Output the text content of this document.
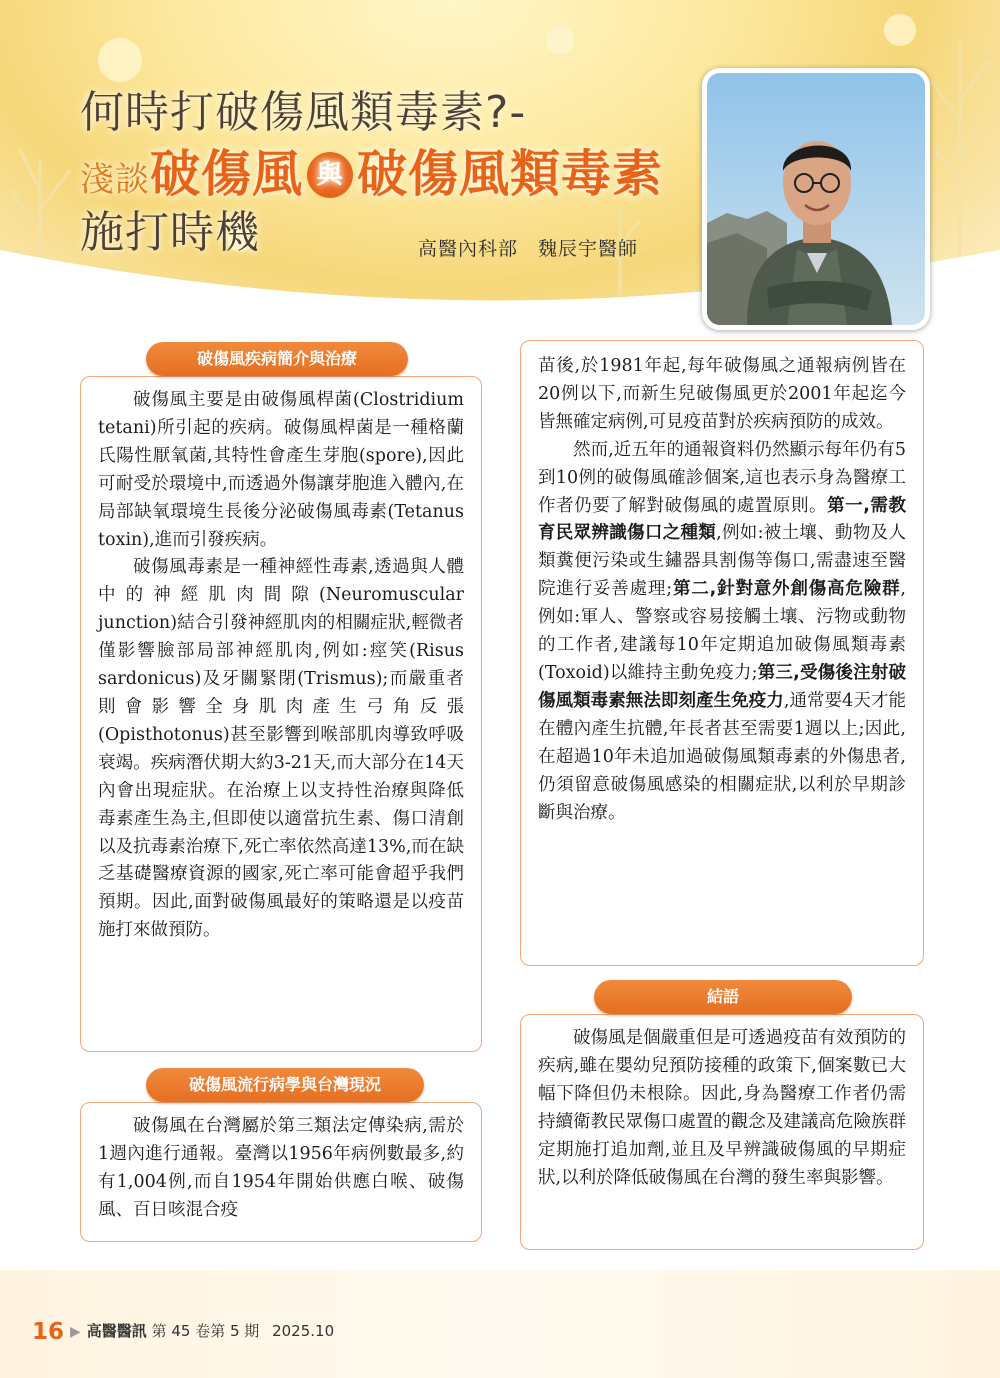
何時打破傷風類毒素?-
淺談破傷風 與 破傷風類毒素
施打時機	高醫內科部　魏辰宇醫師
破傷風疾病簡介與治療

破傷風主要是由破傷風桿菌(Clostridium tetani)所引起的疾病。破傷風桿菌是一種格蘭氏陽性厭氧菌,其特性會產生芽胞(spore),因此可耐受於環境中,而透過外傷讓芽胞進入體內,在局部缺氧環境生長後分泌破傷風毒素(Tetanus toxin),進而引發疾病。

破傷風毒素是一種神經性毒素,透過與人體中的神經肌肉間隙(Neuromuscular junction)結合引發神經肌肉的相關症狀,輕微者僅影響臉部局部神經肌肉,例如:痙笑(Risus sardonicus)及牙關緊閉(Trismus);而嚴重者則會影響全身肌肉產生弓角反張(Opisthotonus)甚至影響到喉部肌肉導致呼吸衰竭。疾病潛伏期大約3-21天,而大部分在14天內會出現症狀。在治療上以支持性治療與降低毒素產生為主,但即使以適當抗生素、傷口清創以及抗毒素治療下,死亡率依然高達13%,而在缺乏基礎醫療資源的國家,死亡率可能會超乎我們預期。因此,面對破傷風最好的策略還是以疫苗施打來做預防。

破傷風流行病學與台灣現況

破傷風在台灣屬於第三類法定傳染病,需於1週內進行通報。臺灣以1956年病例數最多,約有1,004例,而自1954年開始供應白喉、破傷風、百日咳混合疫

苗後,於1981年起,每年破傷風之通報病例皆在20例以下,而新生兒破傷風更於2001年起迄今皆無確定病例,可見疫苗對於疾病預防的成效。

然而,近五年的通報資料仍然顯示每年仍有5到10例的破傷風確診個案,這也表示身為醫療工作者仍要了解對破傷風的處置原則。第一,需教育民眾辨識傷口之種類,例如:被土壤、動物及人類糞便污染或生鏽器具割傷等傷口,需盡速至醫院進行妥善處理;第二,針對意外創傷高危險群,例如:軍人、警察或容易接觸土壤、污物或動物的工作者,建議每10年定期追加破傷風類毒素(Toxoid)以維持主動免疫力;第三,受傷後注射破傷風類毒素無法即刻產生免疫力,通常要4天才能在體內產生抗體,年長者甚至需要1週以上;因此,在超過10年未追加過破傷風類毒素的外傷患者,仍須留意破傷風感染的相關症狀,以利於早期診斷與治療。

結語

破傷風是個嚴重但是可透過疫苗有效預防的疾病,雖在嬰幼兒預防接種的政策下,個案數已大幅下降但仍未根除。因此,身為醫療工作者仍需持續衛教民眾傷口處置的觀念及建議高危險族群定期施打追加劑,並且及早辨識破傷風的早期症狀,以利於降低破傷風在台灣的發生率與影響。

16 ▶ 高醫醫訊 第 45 卷第 5 期 2025.10
